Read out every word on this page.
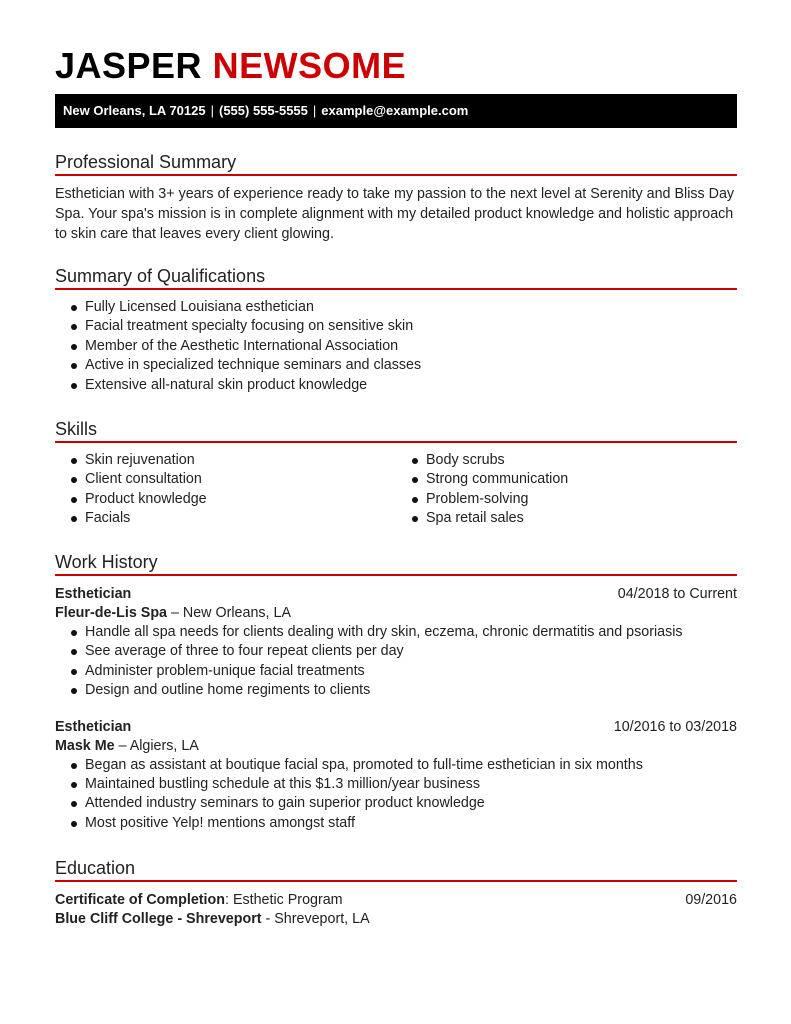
JASPER NEWSOME
New Orleans, LA 70125 | (555) 555-5555 | example@example.com
Professional Summary
Esthetician with 3+ years of experience ready to take my passion to the next level at Serenity and Bliss Day Spa. Your spa's mission is in complete alignment with my detailed product knowledge and holistic approach to skin care that leaves every client glowing.
Summary of Qualifications
Fully Licensed Louisiana esthetician
Facial treatment specialty focusing on sensitive skin
Member of the Aesthetic International Association
Active in specialized technique seminars and classes
Extensive all-natural skin product knowledge
Skills
Skin rejuvenation
Client consultation
Product knowledge
Facials
Body scrubs
Strong communication
Problem-solving
Spa retail sales
Work History
Esthetician	04/2018 to Current
Fleur-de-Lis Spa – New Orleans, LA
Handle all spa needs for clients dealing with dry skin, eczema, chronic dermatitis and psoriasis
See average of three to four repeat clients per day
Administer problem-unique facial treatments
Design and outline home regiments to clients
Esthetician	10/2016 to 03/2018
Mask Me – Algiers, LA
Began as assistant at boutique facial spa, promoted to full-time esthetician in six months
Maintained bustling schedule at this $1.3 million/year business
Attended industry seminars to gain superior product knowledge
Most positive Yelp! mentions amongst staff
Education
Certificate of Completion: Esthetic Program	09/2016
Blue Cliff College - Shreveport - Shreveport, LA
